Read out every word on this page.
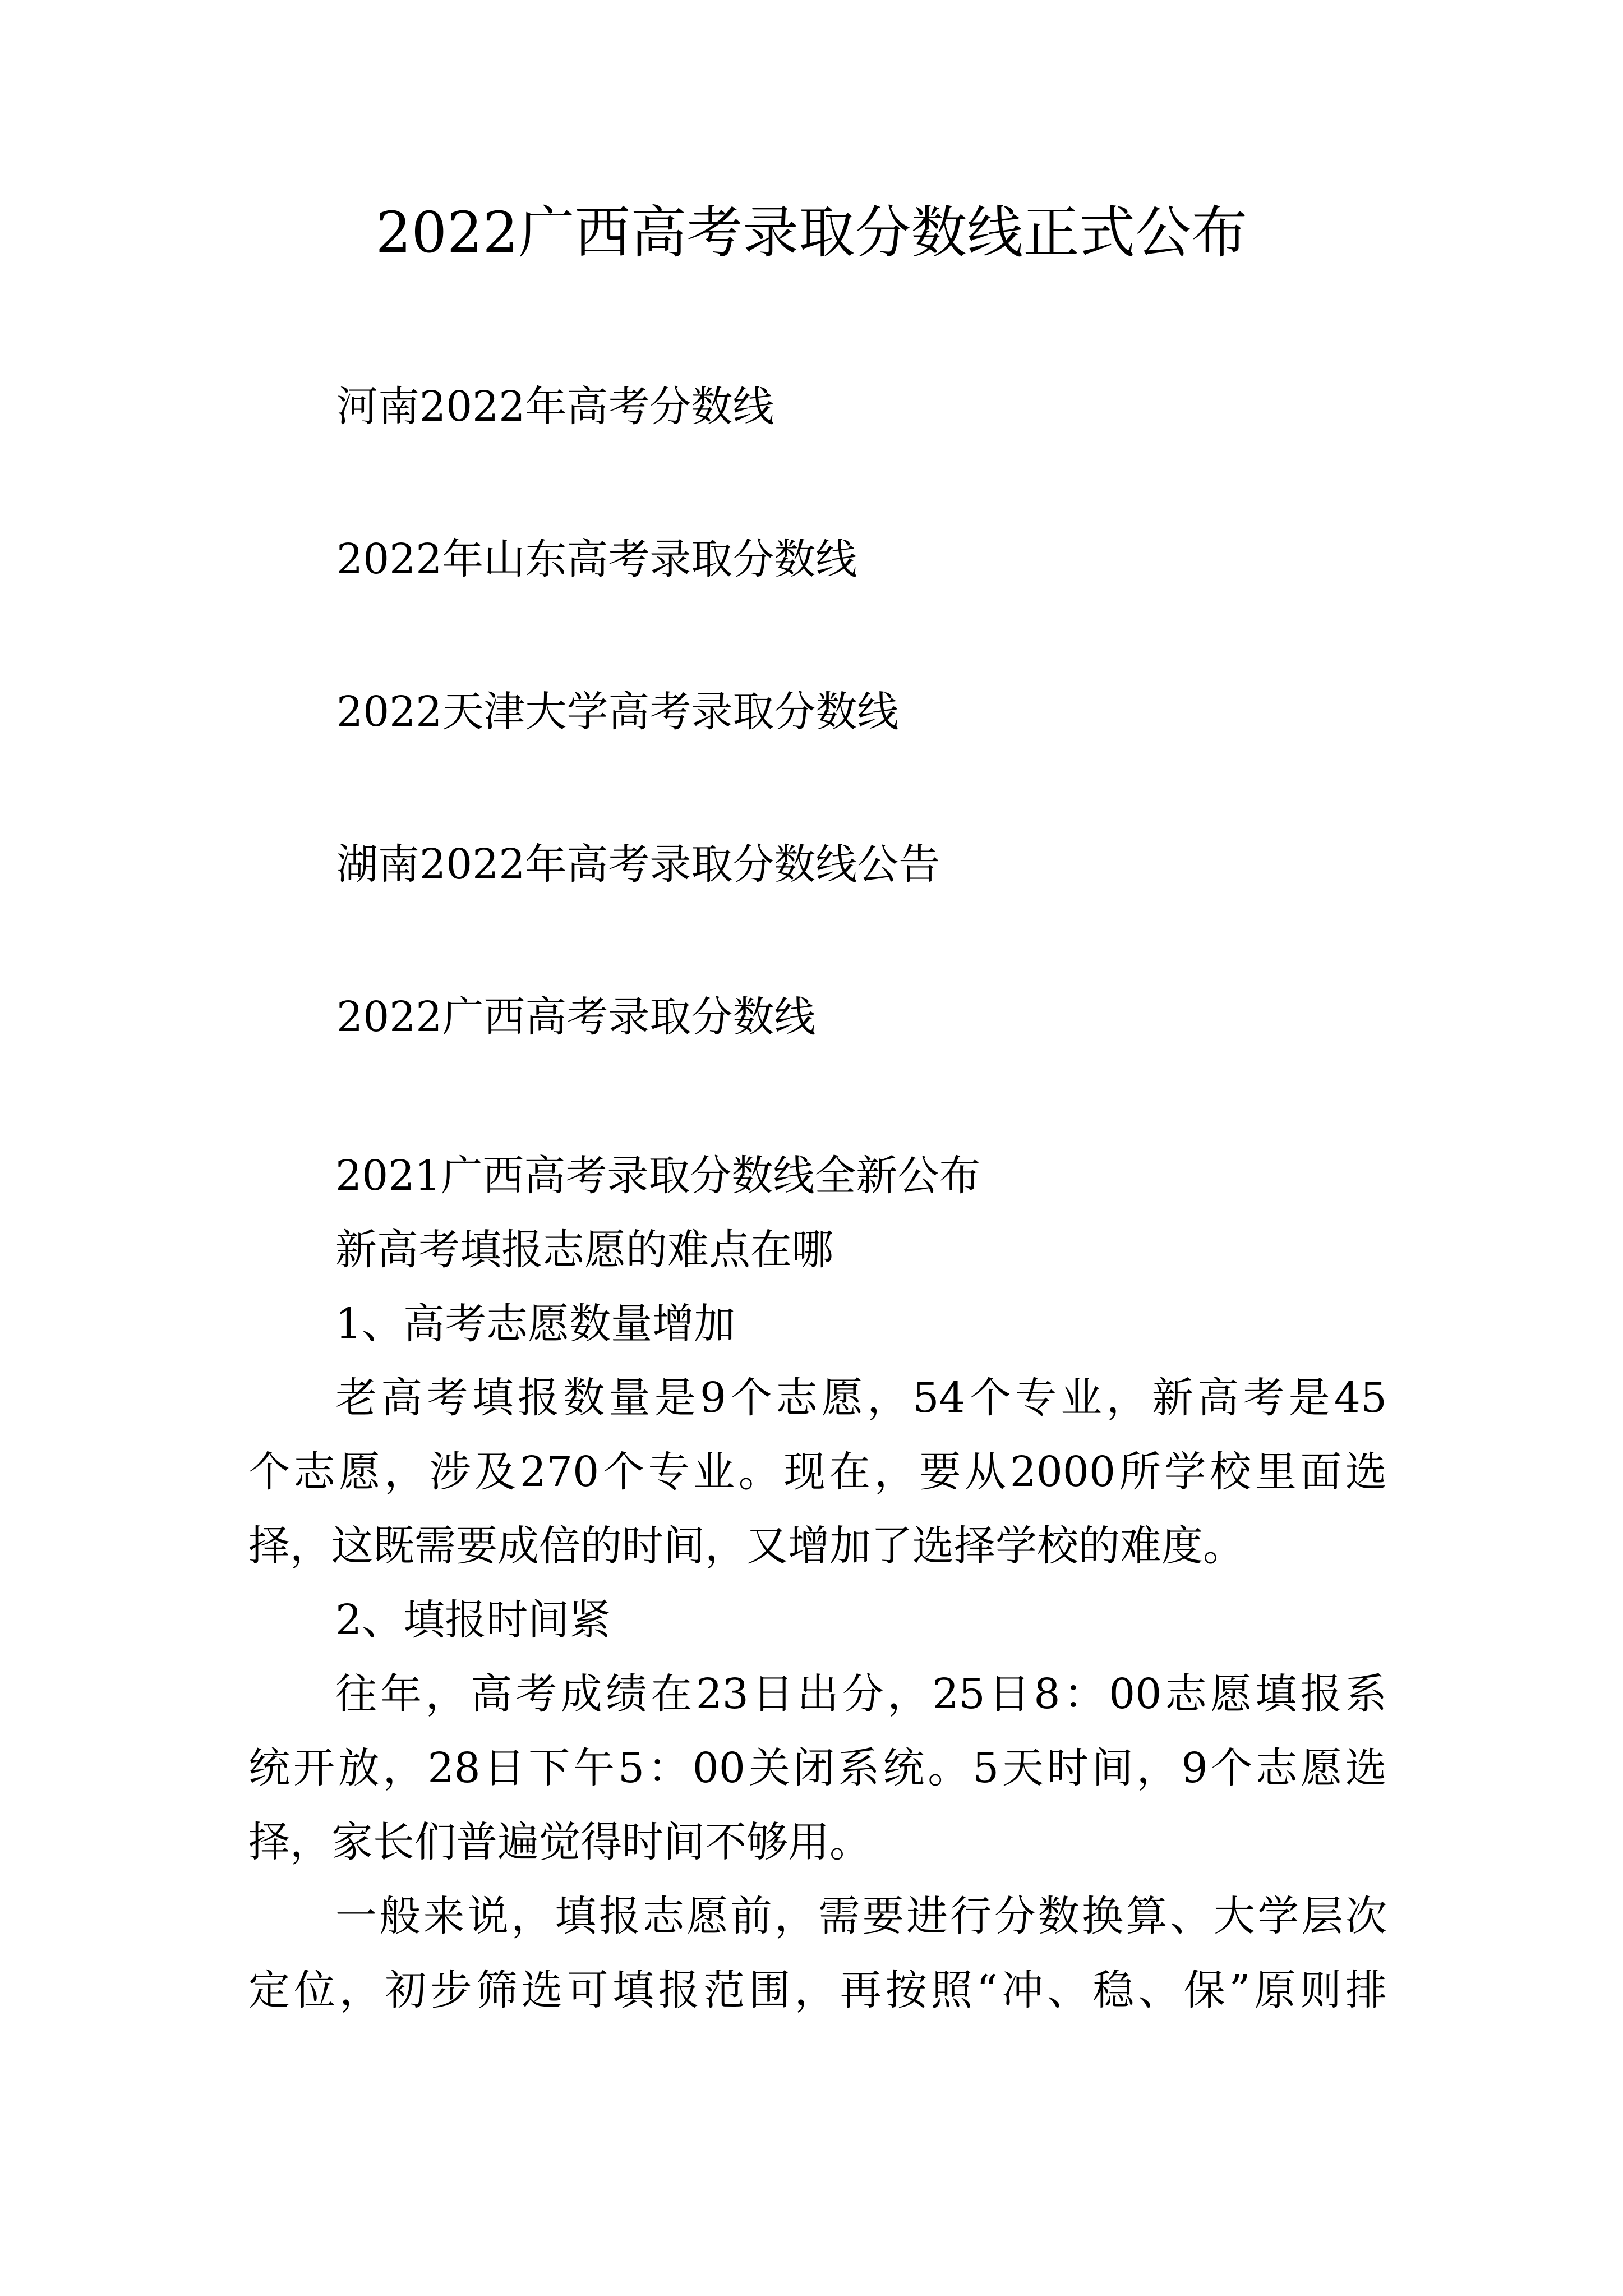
2022广西高考录取分数线正式公布
河南2022年高考分数线
2022年山东高考录取分数线
2022天津大学高考录取分数线
湖南2022年高考录取分数线公告
2022广西高考录取分数线
2021广西高考录取分数线全新公布
新高考填报志愿的难点在哪
1、高考志愿数量增加
老高考填报数量是9个志愿，54个专业，新高考是45
个志愿，涉及270个专业。现在，要从2000所学校里面选
择，这既需要成倍的时间，又增加了选择学校的难度。
2、填报时间紧
往年，高考成绩在23日出分，25日8：00志愿填报系
统开放，28日下午5：00关闭系统。5天时间，9个志愿选
择，家长们普遍觉得时间不够用。
一般来说，填报志愿前，需要进行分数换算、大学层次
定位，初步筛选可填报范围，再按照“冲、稳、保”原则排
